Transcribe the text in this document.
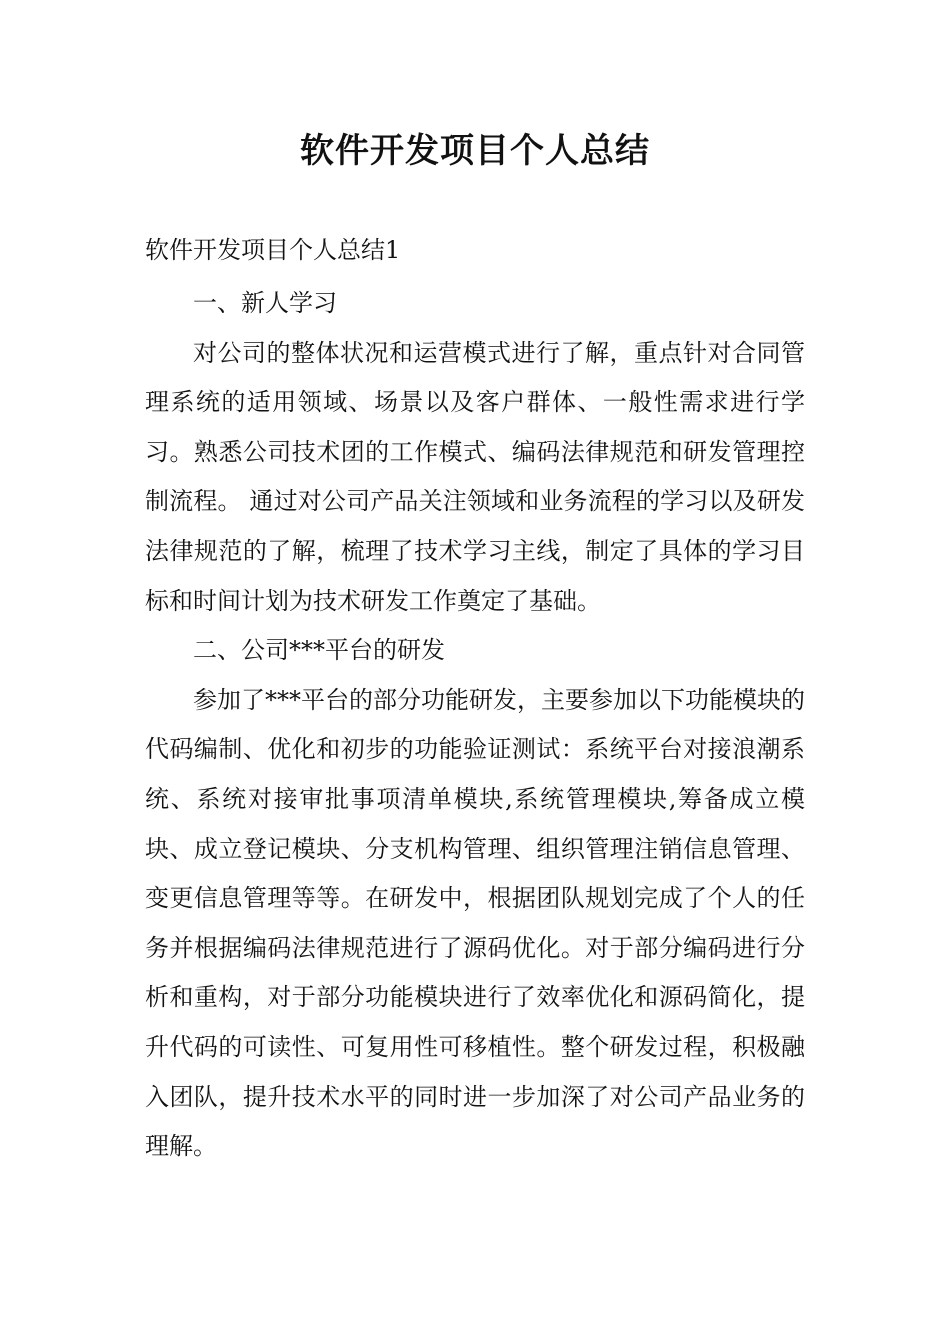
软件开发项目个人总结
软件开发项目个人总结1

一、新人学习

对公司的整体状况和运营模式进行了解，重点针对合同管理系统的适用领域、场景以及客户群体、一般性需求进行学习。熟悉公司技术团的工作模式、编码法律规范和研发管理控制流程。 通过对公司产品关注领域和业务流程的学习以及研发法律规范的了解，梳理了技术学习主线，制定了具体的学习目标和时间计划为技术研发工作奠定了基础。

二、公司***平台的研发

参加了***平台的部分功能研发，主要参加以下功能模块的代码编制、优化和初步的功能验证测试：系统平台对接浪潮系统、系统对接审批事项清单模块,系统管理模块,筹备成立模块、成立登记模块、分支机构管理、组织管理注销信息管理、变更信息管理等等。在研发中，根据团队规划完成了个人的任务并根据编码法律规范进行了源码优化。对于部分编码进行分析和重构，对于部分功能模块进行了效率优化和源码简化，提升代码的可读性、可复用性可移植性。整个研发过程，积极融入团队，提升技术水平的同时进一步加深了对公司产品业务的理解。
